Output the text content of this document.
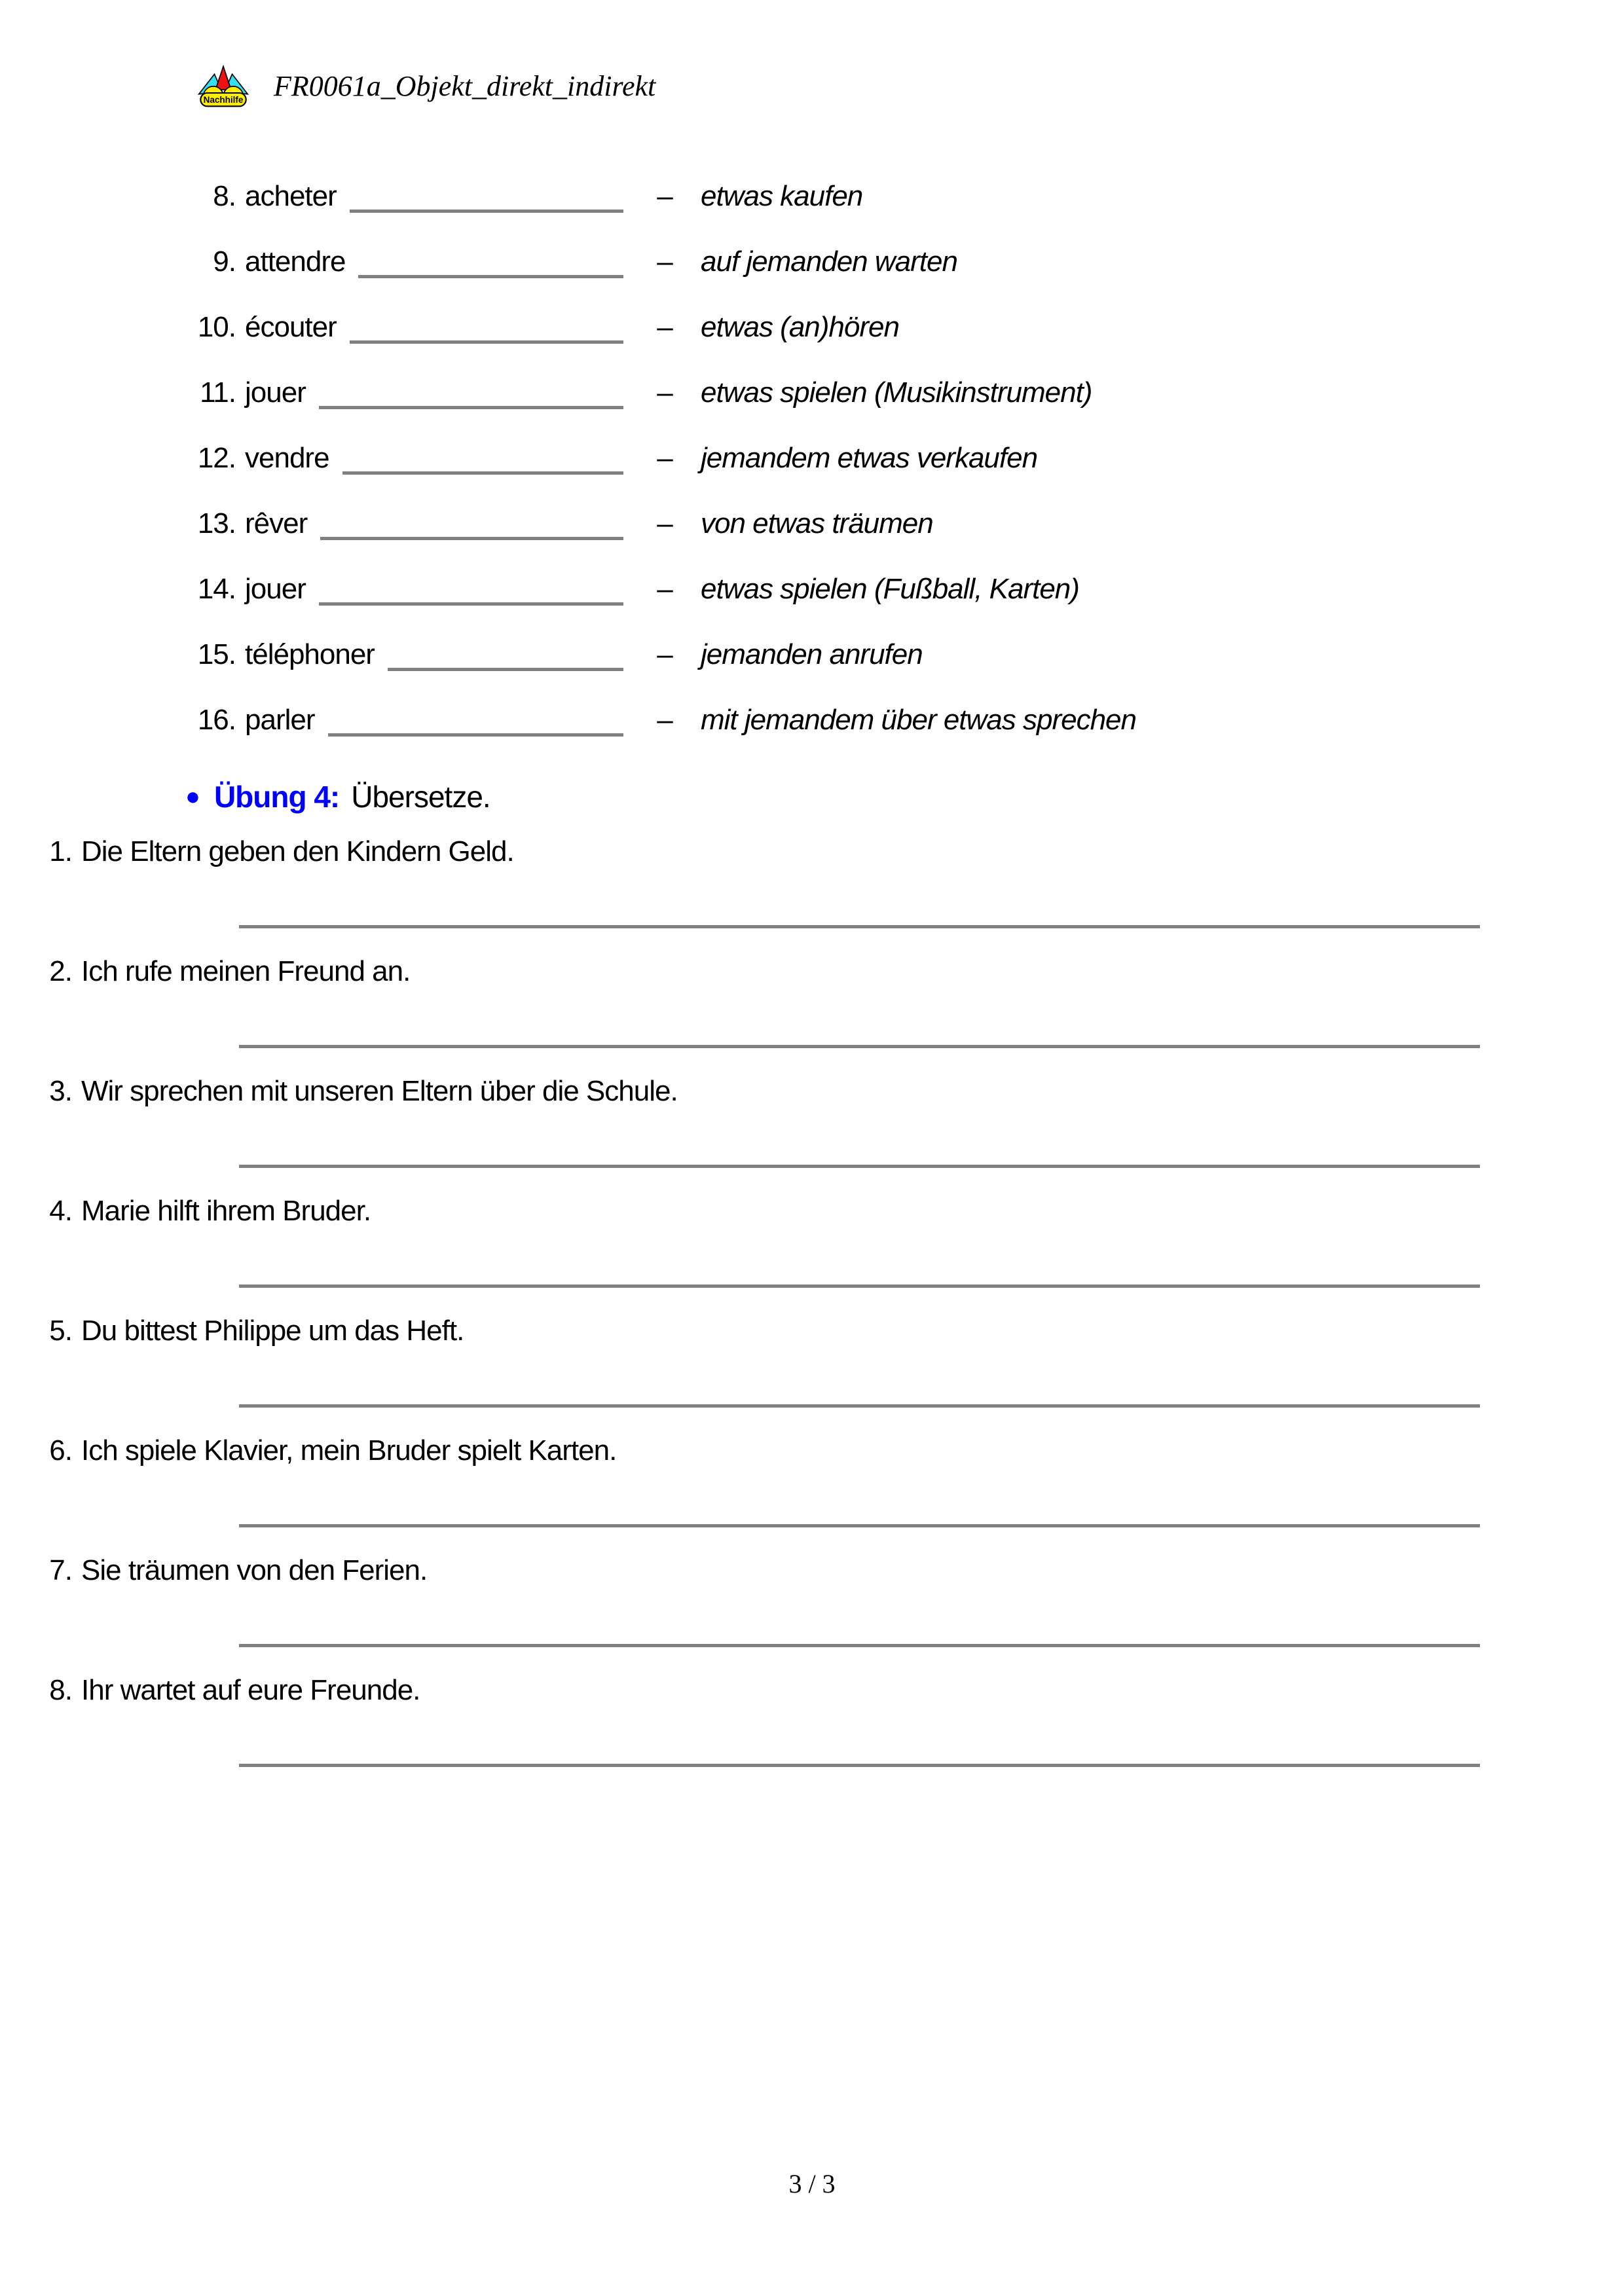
Nachhilfe FR0061a_Objekt_direkt_indirekt
8. acheter	– etwas kaufen
9. attendre	– auf jemanden warten
10. écouter	– etwas (an)hören
11. jouer	– etwas spielen (Musikinstrument)
12. vendre	– jemandem etwas verkaufen
13. rêver	– von etwas träumen
14. jouer	– etwas spielen (Fußball, Karten)
15. téléphoner	– jemanden anrufen
16. parler	– mit jemandem über etwas sprechen
● Übung 4: Übersetze.
1. Die Eltern geben den Kindern Geld.
2. Ich rufe meinen Freund an.
3. Wir sprechen mit unseren Eltern über die Schule.
4. Marie hilft ihrem Bruder.
5. Du bittest Philippe um das Heft.
6. Ich spiele Klavier, mein Bruder spielt Karten.
7. Sie träumen von den Ferien.
8. Ihr wartet auf eure Freunde.
3 / 3
